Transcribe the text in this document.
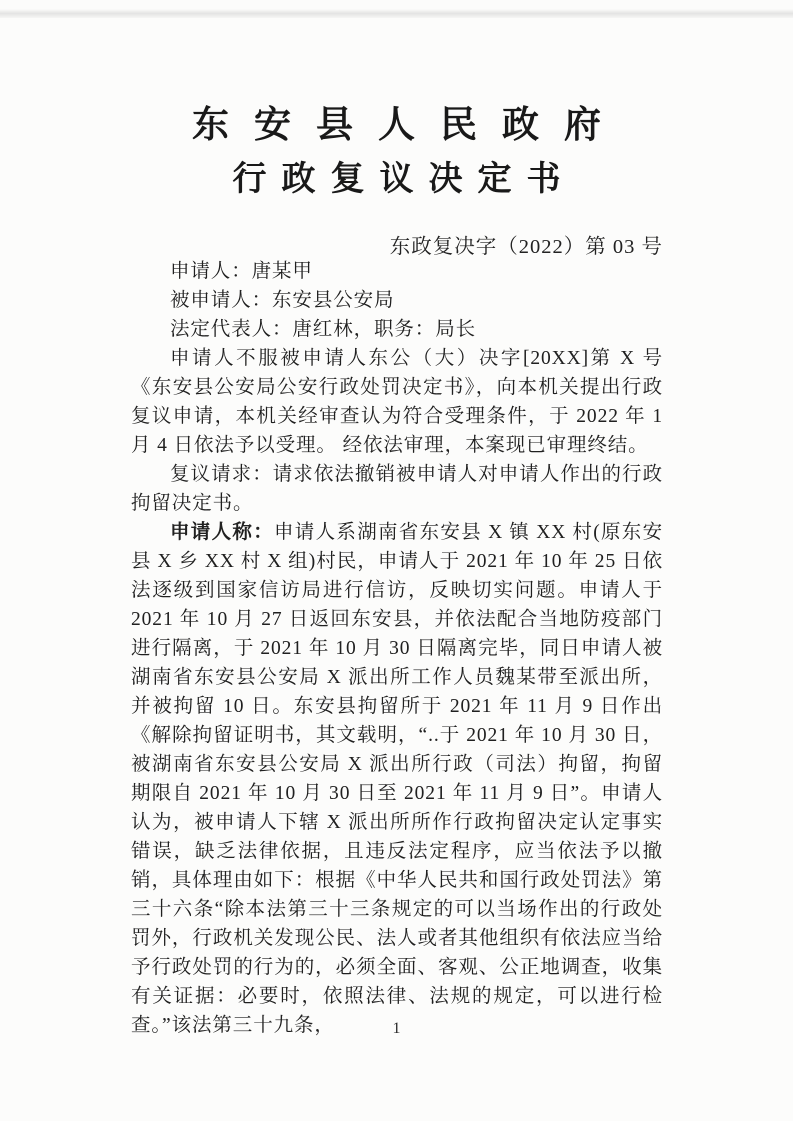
东安县人民政府
行政复议决定书
东政复决字（2022）第 03 号

申请人：唐某甲

被申请人：东安县公安局

法定代表人：唐红林，职务：局长

申请人不服被申请人东公（大）决字[20XX]第 X 号《东安县公安局公安行政处罚决定书》，向本机关提出行政复议申请，本机关经审查认为符合受理条件，于 2022 年 1 月 4 日依法予以受理。 经依法审理，本案现已审理终结。

复议请求：请求依法撤销被申请人对申请人作出的行政拘留决定书。

申请人称：申请人系湖南省东安县 X 镇 XX 村(原东安县 X 乡 XX 村 X 组)村民，申请人于 2021 年 10 年 25 日依法逐级到国家信访局进行信访，反映切实问题。申请人于 2021 年 10 月 27 日返回东安县，并依法配合当地防疫部门进行隔离，于 2021 年 10 月 30 日隔离完毕，同日申请人被湖南省东安县公安局 X 派出所工作人员魏某带至派出所，并被拘留 10 日。东安县拘留所于 2021 年 11 月 9 日作出《解除拘留证明书，其文载明，“..于 2021 年 10 月 30 日，被湖南省东安县公安局 X 派出所行政（司法）拘留，拘留期限自 2021 年 10 月 30 日至 2021 年 11 月 9 日”。申请人认为，被申请人下辖 X 派出所所作行政拘留决定认定事实错误，缺乏法律依据，且违反法定程序，应当依法予以撤销，具体理由如下：根据《中华人民共和国行政处罚法》第三十六条“除本法第三十三条规定的可以当场作出的行政处罚外，行政机关发现公民、法人或者其他组织有依法应当给予行政处罚的行为的，必须全面、客观、公正地调查，收集有关证据：必要时，依照法律、法规的规定，可以进行检查。”该法第三十九条，	1
